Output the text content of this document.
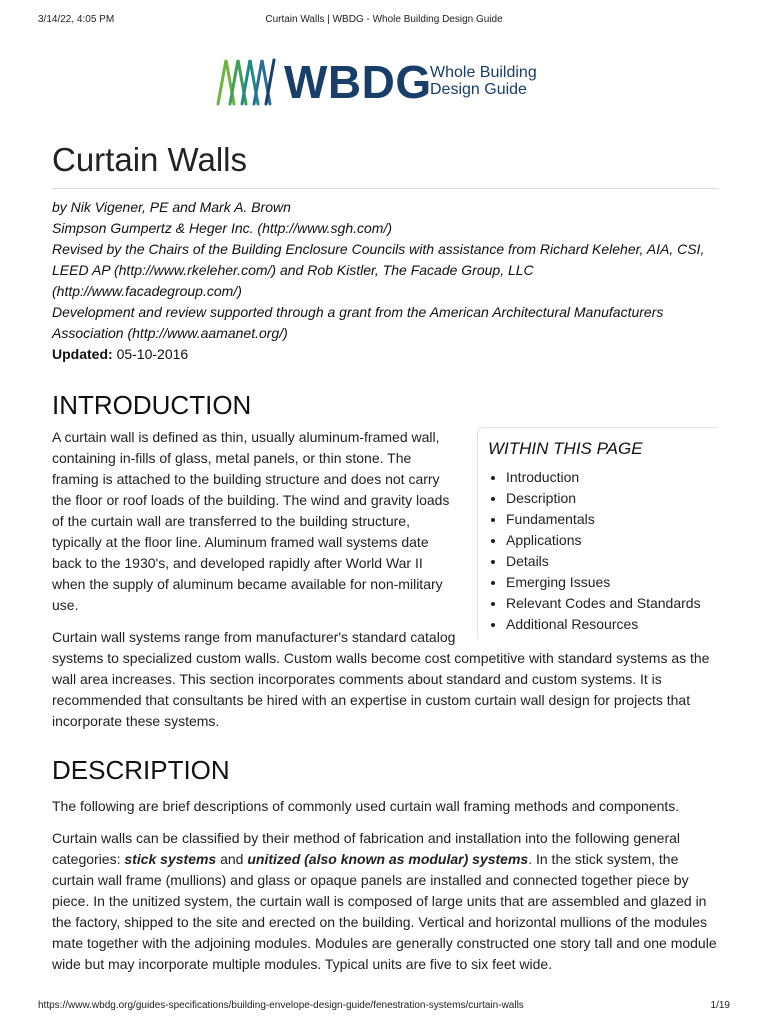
3/14/22, 4:05 PM	Curtain Walls | WBDG - Whole Building Design Guide
WBDG
Whole Building
Design Guide
Curtain Walls
by Nik Vigener, PE and Mark A. Brown
Simpson Gumpertz & Heger Inc. (http://www.sgh.com/)
Revised by the Chairs of the Building Enclosure Councils with assistance from Richard Keleher, AIA, CSI, LEED AP (http://www.rkeleher.com/) and Rob Kistler, The Facade Group, LLC (http://www.facadegroup.com/)
Development and review supported through a grant from the American Architectural Manufacturers Association (http://www.aamanet.org/)
Updated: 05-10-2016
INTRODUCTION
WITHIN THIS PAGE
• Introduction
• Description
• Fundamentals
• Applications
• Details
• Emerging Issues
• Relevant Codes and Standards
• Additional Resources

A curtain wall is defined as thin, usually aluminum-framed wall, containing in-fills of glass, metal panels, or thin stone. The framing is attached to the building structure and does not carry the floor or roof loads of the building. The wind and gravity loads of the curtain wall are transferred to the building structure, typically at the floor line. Aluminum framed wall systems date back to the 1930's, and developed rapidly after World War II when the supply of aluminum became available for non-military use.

Curtain wall systems range from manufacturer's standard catalog systems to specialized custom walls. Custom walls become cost competitive with standard systems as the wall area increases. This section incorporates comments about standard and custom systems. It is recommended that consultants be hired with an expertise in custom curtain wall design for projects that incorporate these systems.

DESCRIPTION

The following are brief descriptions of commonly used curtain wall framing methods and components.

Curtain walls can be classified by their method of fabrication and installation into the following general categories: stick systems and unitized (also known as modular) systems. In the stick system, the curtain wall frame (mullions) and glass or opaque panels are installed and connected together piece by piece. In the unitized system, the curtain wall is composed of large units that are assembled and glazed in the factory, shipped to the site and erected on the building. Vertical and horizontal mullions of the modules mate together with the adjoining modules. Modules are generally constructed one story tall and one module wide but may incorporate multiple modules. Typical units are five to six feet wide.

https://www.wbdg.org/guides-specifications/building-envelope-design-guide/fenestration-systems/curtain-walls	1/19
